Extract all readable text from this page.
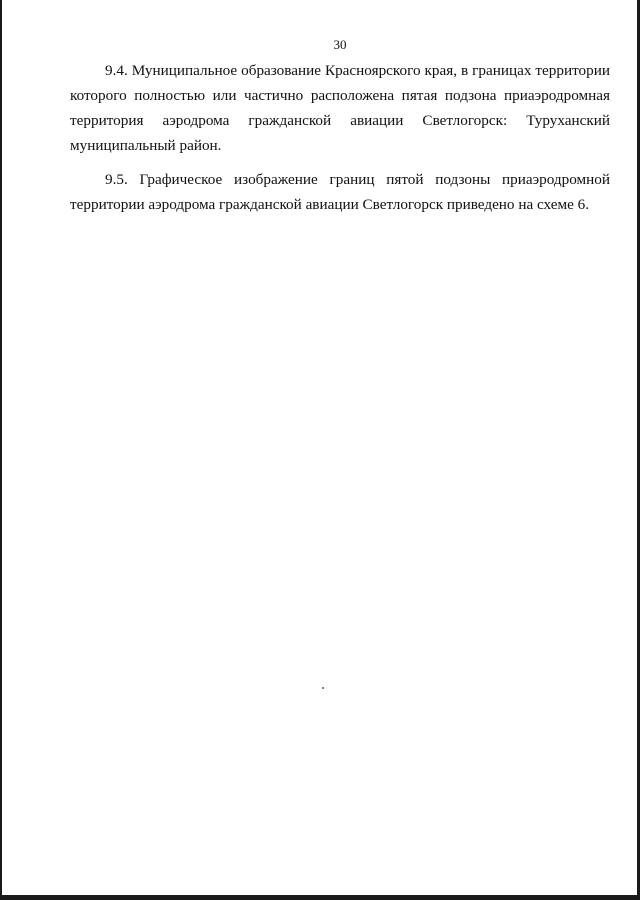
30
9.4. Муниципальное образование Красноярского края, в границах территории
которого полностью или частично расположена пятая подзона приаэродромная
территория аэродрома гражданской авиации Светлогорск: Туруханский
муниципальный район.
9.5. Графическое изображение границ пятой подзоны приаэродромной
территории аэродрома гражданской авиации Светлогорск приведено на схеме 6.
